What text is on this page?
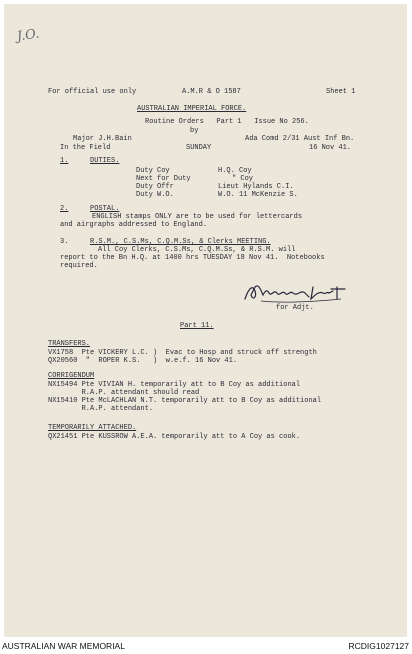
J.O.
For official use only	A.M.R & O 1587	Sheet 1
AUSTRALIAN IMPERIAL FORCE.
Routine Orders   Part 1   Issue No 256.
by
Major J.H.Bain	Ada Comd 2/31 Aust Inf Bn.
In the Field	SUNDAY	16 Nov 41.
1.	DUTIES.
Duty Coy	H.Q. Coy
Next for Duty	" Coy
Duty Offr	Lieut Hylands C.I.
Duty W.O.	W.O. 11 McKenzie S.
2.	POSTAL.
ENGLISH stamps ONLY are to be used for lettercards
and airgraphs addressed to England.
3.	R.S.M., C.S.Ms, C.Q.M.Ss, & Clerks MEETING.
All Coy Clerks, C.S.Ms, C.Q.M.Ss, & R.S.M. will
report to the Bn H.Q. at 1400 hrs TUESDAY 18 Nov 41.  Notebooks
required.
for Adjt.
Part 11.
TRANSFERS.
VX1758  Pte VICKERY L.C. )  Evac to Hosp and struck off strength
QX20560  "  ROPER K.S.   )  w.e.f. 16 Nov 41.
CORRIGENDUM
NX15494 Pte VIVIAN H. temporarily att to B Coy as additional
R.A.P. attendant should read
NX15410 Pte McLACHLAN N.T. temporarily att to B Coy as additional
R.A.P. attendant.
TEMPORARILY ATTACHED.
QX21451 Pte KUSSROW A.E.A. temporarily att to A Coy as cook.
AUSTRALIAN WAR MEMORIAL	RCDIG1027127
